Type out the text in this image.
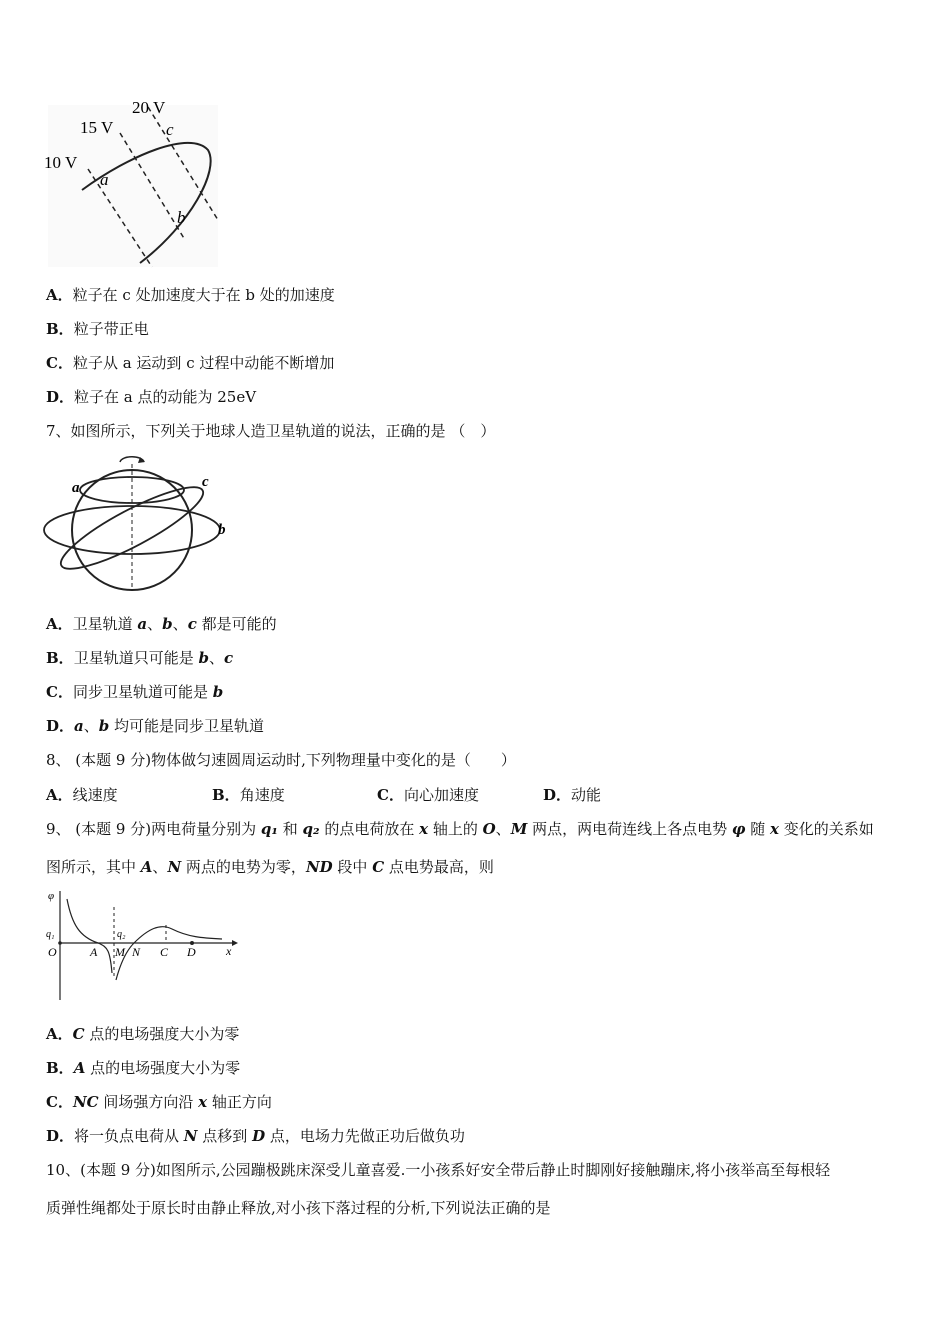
20 V
15 V
10 V
a
b
c
A．粒子在 c 处加速度大于在 b 处的加速度
B．粒子带正电
C．粒子从 a 运动到 c 过程中动能不断增加
D．粒子在 a 点的动能为 25eV
7、如图所示，下列关于地球人造卫星轨道的说法，正确的是 （　）
a
b
c
A．卫星轨道 a、b、c 都是可能的
B．卫星轨道只可能是 b、c
C．同步卫星轨道可能是 b
D．a、b 均可能是同步卫星轨道
8、 (本题 9 分)物体做匀速圆周运动时,下列物理量中变化的是（　　）
A．线速度	B．角速度	C．向心加速度	D．动能
9、 (本题 9 分)两电荷量分别为 q₁ 和 q₂ 的点电荷放在 x 轴上的 O、M 两点，两电荷连线上各点电势 φ 随 x 变化的关系如
图所示，其中 A、N 两点的电势为零，ND 段中 C 点电势最高，则
φ
q₁	q₂
O	A M N C D	x
A．C 点的电场强度大小为零
B．A 点的电场强度大小为零
C．NC 间场强方向沿 x 轴正方向
D．将一负点电荷从 N 点移到 D 点，电场力先做正功后做负功
10、(本题 9 分)如图所示,公园蹦极跳床深受儿童喜爱.一小孩系好安全带后静止时脚刚好接触蹦床,将小孩举高至每根轻
质弹性绳都处于原长时由静止释放,对小孩下落过程的分析,下列说法正确的是
